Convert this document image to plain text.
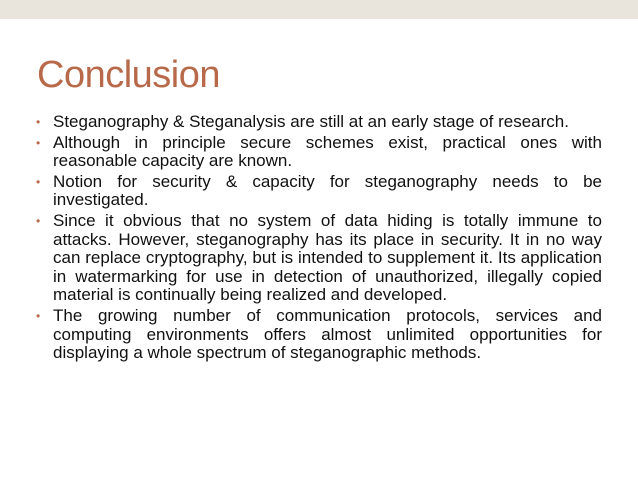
Conclusion
• Steganography & Steganalysis are still at an early stage of research.
• Although in principle secure schemes exist, practical ones with reasonable capacity are known.
• Notion for security & capacity for steganography needs to be investigated.
• Since it obvious that no system of data hiding is totally immune to attacks. However, steganography has its place in security. It in no way can replace cryptography, but is intended to supplement it. Its application in watermarking for use in detection of unauthorized, illegally copied material is continually being realized and developed.
• The growing number of communication protocols, services and computing environments offers almost unlimited opportunities for displaying a whole spectrum of steganographic methods.
